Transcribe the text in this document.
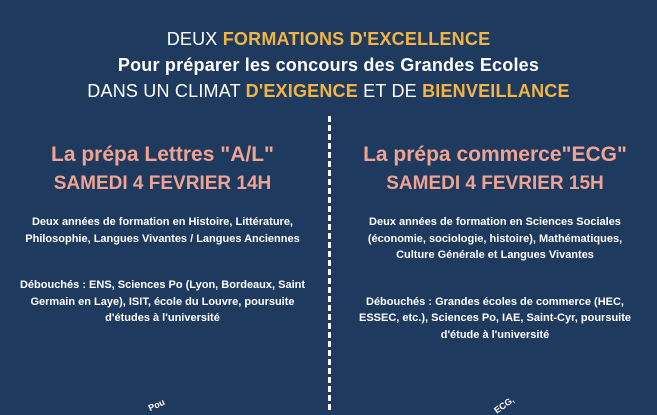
DEUX FORMATIONS D'EXCELLENCE
Pour préparer les concours des Grandes Ecoles
DANS UN CLIMAT D'EXIGENCE ET DE BIENVEILLANCE
La prépa Lettres "A/L"
SAMEDI 4 FEVRIER 14H
Deux années de formation en Histoire, Littérature, Philosophie, Langues Vivantes / Langues Anciennes
Débouchés : ENS, Sciences Po (Lyon, Bordeaux, Saint Germain en Laye), ISIT, école du Louvre, poursuite d'études à l'université
La prépa commerce"ECG"
SAMEDI 4 FEVRIER 15H
Deux années de formation en Sciences Sociales (économie, sociologie, histoire), Mathématiques, Culture Générale et Langues Vivantes
Débouchés : Grandes écoles de commerce (HEC, ESSEC, etc.), Sciences Po, IAE, Saint-Cyr, poursuite d'étude à l'université
Pou	ECG,
